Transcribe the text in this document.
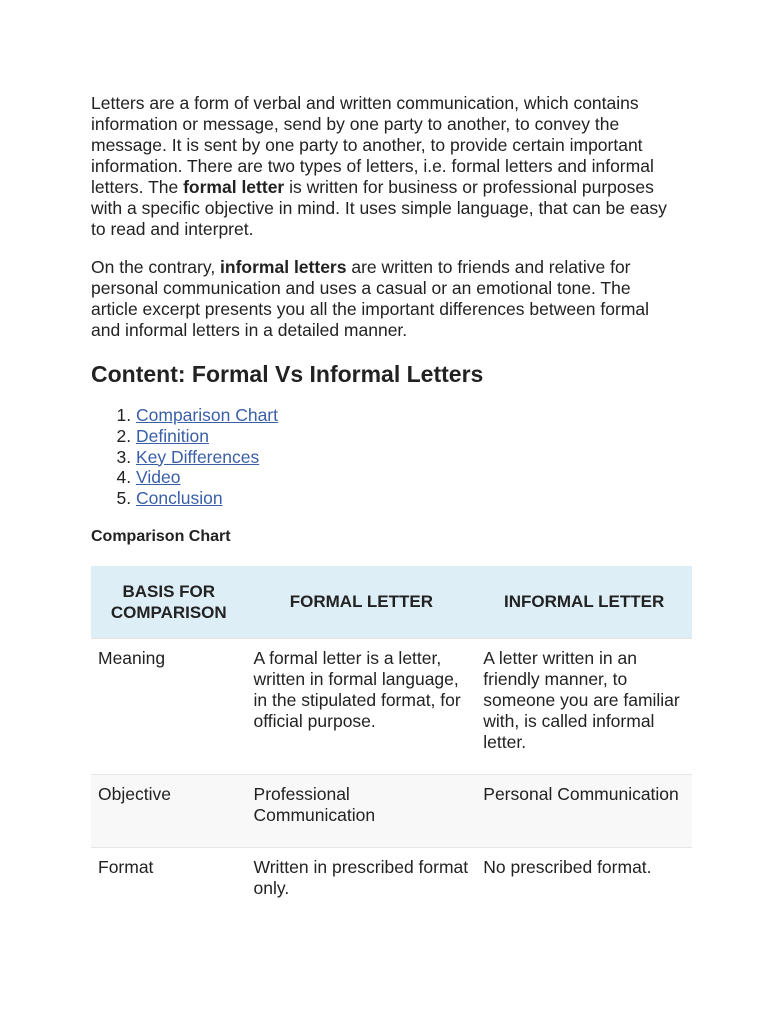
Letters are a form of verbal and written communication, which contains information or message, send by one party to another, to convey the message. It is sent by one party to another, to provide certain important information. There are two types of letters, i.e. formal letters and informal letters. The formal letter is written for business or professional purposes with a specific objective in mind. It uses simple language, that can be easy to read and interpret.

On the contrary, informal letters are written to friends and relative for personal communication and uses a casual or an emotional tone. The article excerpt presents you all the important differences between formal and informal letters in a detailed manner.

Content: Formal Vs Informal Letters
1. Comparison Chart
2. Definition
3. Key Differences
4. Video
5. Conclusion
Comparison Chart
BASIS FOR COMPARISON	FORMAL LETTER	INFORMAL LETTER
Meaning	A formal letter is a letter, written in formal language, in the stipulated format, for official purpose.	A letter written in an friendly manner, to someone you are familiar with, is called informal letter.
Objective	Professional Communication	Personal Communication
Format	Written in prescribed format only.	No prescribed format.
